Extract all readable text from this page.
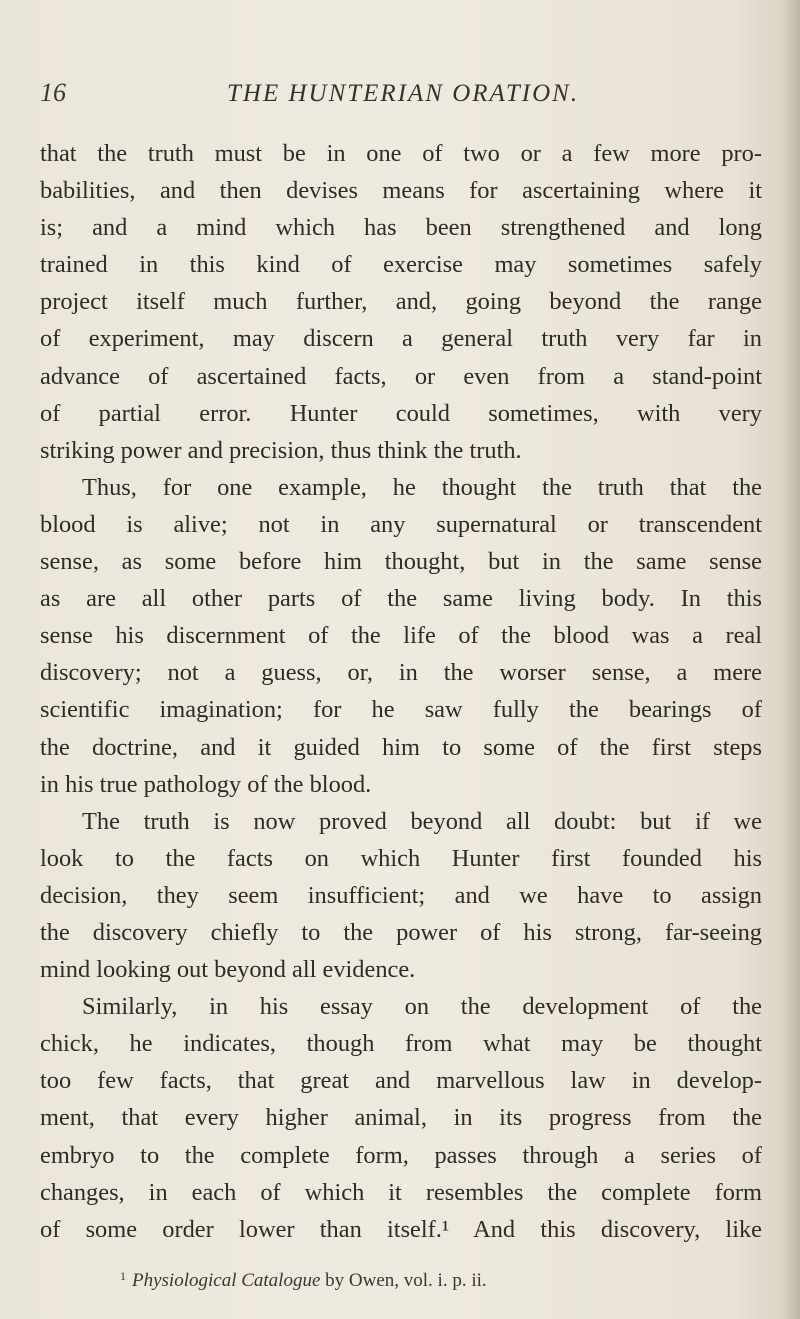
16	THE HUNTERIAN ORATION.
that the truth must be in one of two or a few more pro-
babilities, and then devises means for ascertaining where it
is; and a mind which has been strengthened and long
trained in this kind of exercise may sometimes safely
project itself much further, and, going beyond the range
of experiment, may discern a general truth very far in
advance of ascertained facts, or even from a stand-point
of partial error. Hunter could sometimes, with very
striking power and precision, thus think the truth.
Thus, for one example, he thought the truth that the
blood is alive; not in any supernatural or transcendent
sense, as some before him thought, but in the same sense
as are all other parts of the same living body. In this
sense his discernment of the life of the blood was a real
discovery; not a guess, or, in the worser sense, a mere
scientific imagination; for he saw fully the bearings of
the doctrine, and it guided him to some of the first steps
in his true pathology of the blood.
The truth is now proved beyond all doubt: but if we
look to the facts on which Hunter first founded his
decision, they seem insufficient; and we have to assign
the discovery chiefly to the power of his strong, far-seeing
mind looking out beyond all evidence.
Similarly, in his essay on the development of the
chick, he indicates, though from what may be thought
too few facts, that great and marvellous law in develop-
ment, that every higher animal, in its progress from the
embryo to the complete form, passes through a series of
changes, in each of which it resembles the complete form
of some order lower than itself.¹ And this discovery, like
$^1$ Physiological Catalogue by Owen, vol. i. p. ii.
